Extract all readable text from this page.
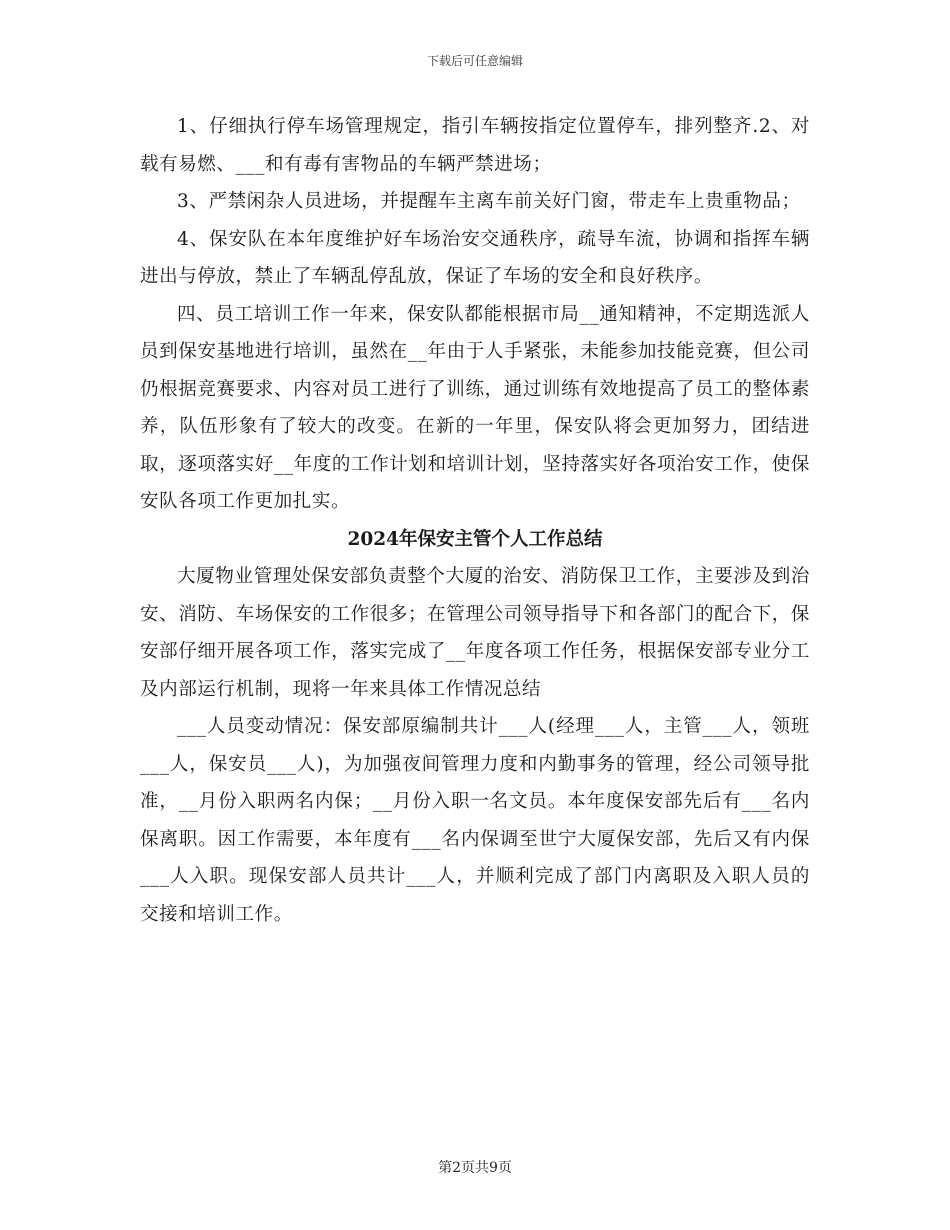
下载后可任意编辑

1、仔细执行停车场管理规定，指引车辆按指定位置停车，排列整齐.2、对载有易燃、___和有毒有害物品的车辆严禁进场；

3、严禁闲杂人员进场，并提醒车主离车前关好门窗，带走车上贵重物品；

4、保安队在本年度维护好车场治安交通秩序，疏导车流，协调和指挥车辆进出与停放，禁止了车辆乱停乱放，保证了车场的安全和良好秩序。

四、员工培训工作一年来，保安队都能根据市局__通知精神，不定期选派人员到保安基地进行培训，虽然在__年由于人手紧张，未能参加技能竞赛，但公司仍根据竞赛要求、内容对员工进行了训练，通过训练有效地提高了员工的整体素养，队伍形象有了较大的改变。在新的一年里，保安队将会更加努力，团结进取，逐项落实好__年度的工作计划和培训计划，坚持落实好各项治安工作，使保安队各项工作更加扎实。

2024年保安主管个人工作总结

大厦物业管理处保安部负责整个大厦的治安、消防保卫工作，主要涉及到治安、消防、车场保安的工作很多；在管理公司领导指导下和各部门的配合下，保安部仔细开展各项工作，落实完成了__年度各项工作任务，根据保安部专业分工及内部运行机制，现将一年来具体工作情况总结

___人员变动情况：保安部原编制共计___人(经理___人，主管___人，领班___人，保安员___人)，为加强夜间管理力度和内勤事务的管理，经公司领导批准，__月份入职两名内保；__月份入职一名文员。本年度保安部先后有___名内保离职。因工作需要，本年度有___名内保调至世宁大厦保安部，先后又有内保___人入职。现保安部人员共计___人，并顺利完成了部门内离职及入职人员的交接和培训工作。

第2页共9页
